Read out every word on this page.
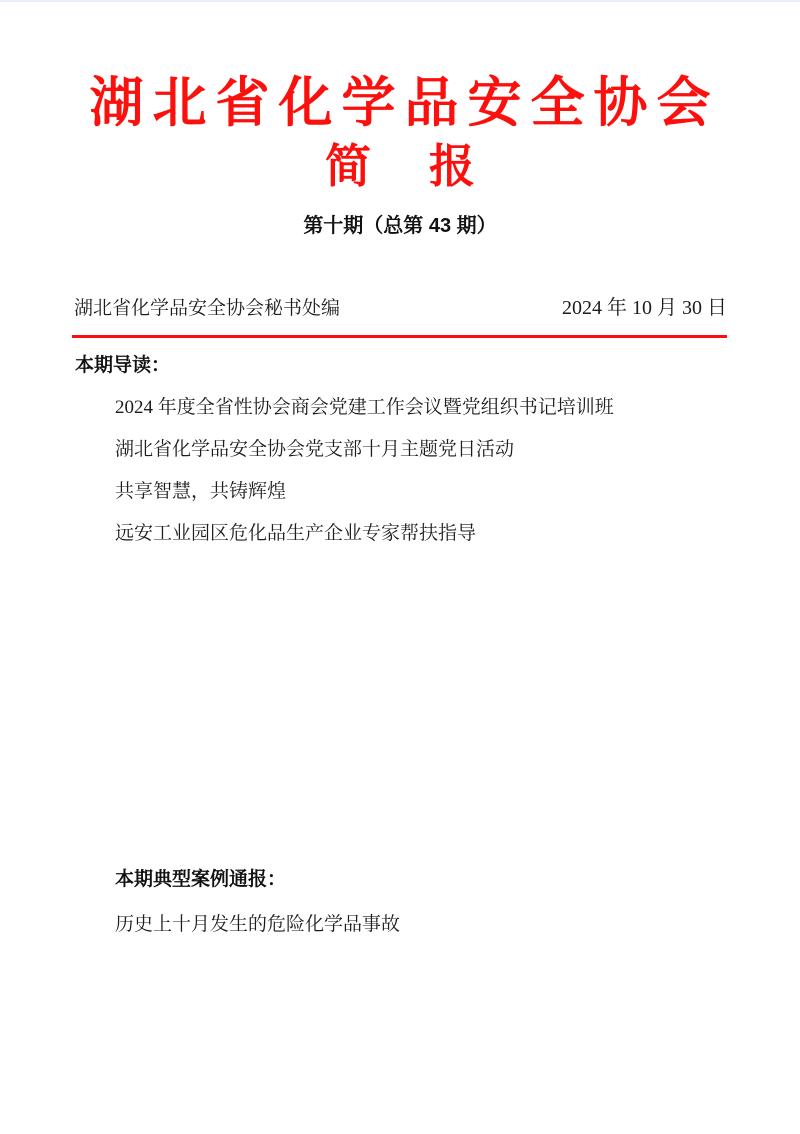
湖北省化学品安全协会
简　报
第十期（总第 43 期）
湖北省化学品安全协会秘书处编	2024 年 10 月 30 日
本期导读：
2024 年度全省性协会商会党建工作会议暨党组织书记培训班
湖北省化学品安全协会党支部十月主题党日活动
共享智慧，共铸辉煌
远安工业园区危化品生产企业专家帮扶指导
本期典型案例通报：
历史上十月发生的危险化学品事故
